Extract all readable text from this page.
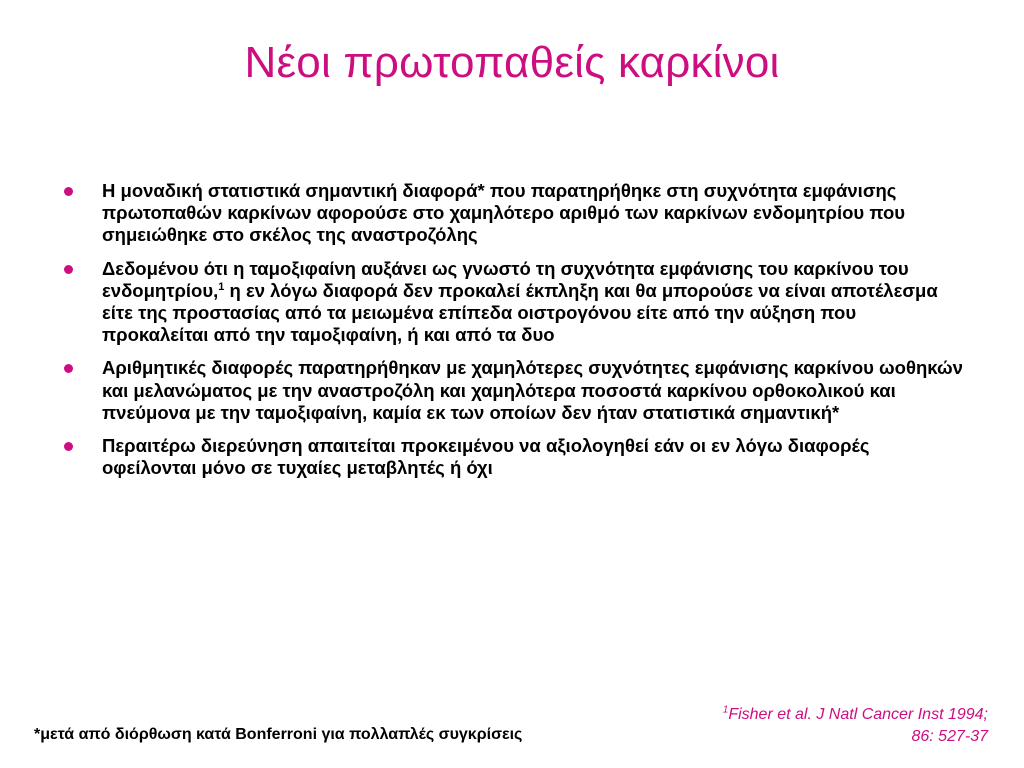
Νέοι πρωτοπαθείς καρκίνοι
Η μοναδική στατιστικά σημαντική διαφορά* που παρατηρήθηκε στη συχνότητα εμφάνισης πρωτοπαθών καρκίνων αφορούσε στο χαμηλότερο αριθμό των καρκίνων ενδομητρίου που σημειώθηκε στο σκέλος της αναστροζόλης
Δεδομένου ότι η ταμοξιφαίνη αυξάνει ως γνωστό τη συχνότητα εμφάνισης του καρκίνου του ενδομητρίου,$^1$ η εν λόγω διαφορά δεν προκαλεί έκπληξη και θα μπορούσε να είναι αποτέλεσμα είτε της προστασίας από τα μειωμένα επίπεδα οιστρογόνου είτε από την αύξηση που προκαλείται από την ταμοξιφαίνη, ή και από τα δυο
Αριθμητικές διαφορές παρατηρήθηκαν με χαμηλότερες συχνότητες εμφάνισης καρκίνου ωοθηκών και μελανώματος με την αναστροζόλη και χαμηλότερα ποσοστά καρκίνου ορθοκολικού και πνεύμονα με την ταμοξιφαίνη, καμία εκ των οποίων δεν ήταν στατιστικά σημαντική*
Περαιτέρω διερεύνηση απαιτείται προκειμένου να αξιολογηθεί εάν οι εν λόγω διαφορές οφείλονται μόνο σε τυχαίες μεταβλητές ή όχι
$^1$Fisher et al. J Natl Cancer Inst 1994;
86: 527-37
*μετά από διόρθωση κατά Bonferroni για πολλαπλές συγκρίσεις
